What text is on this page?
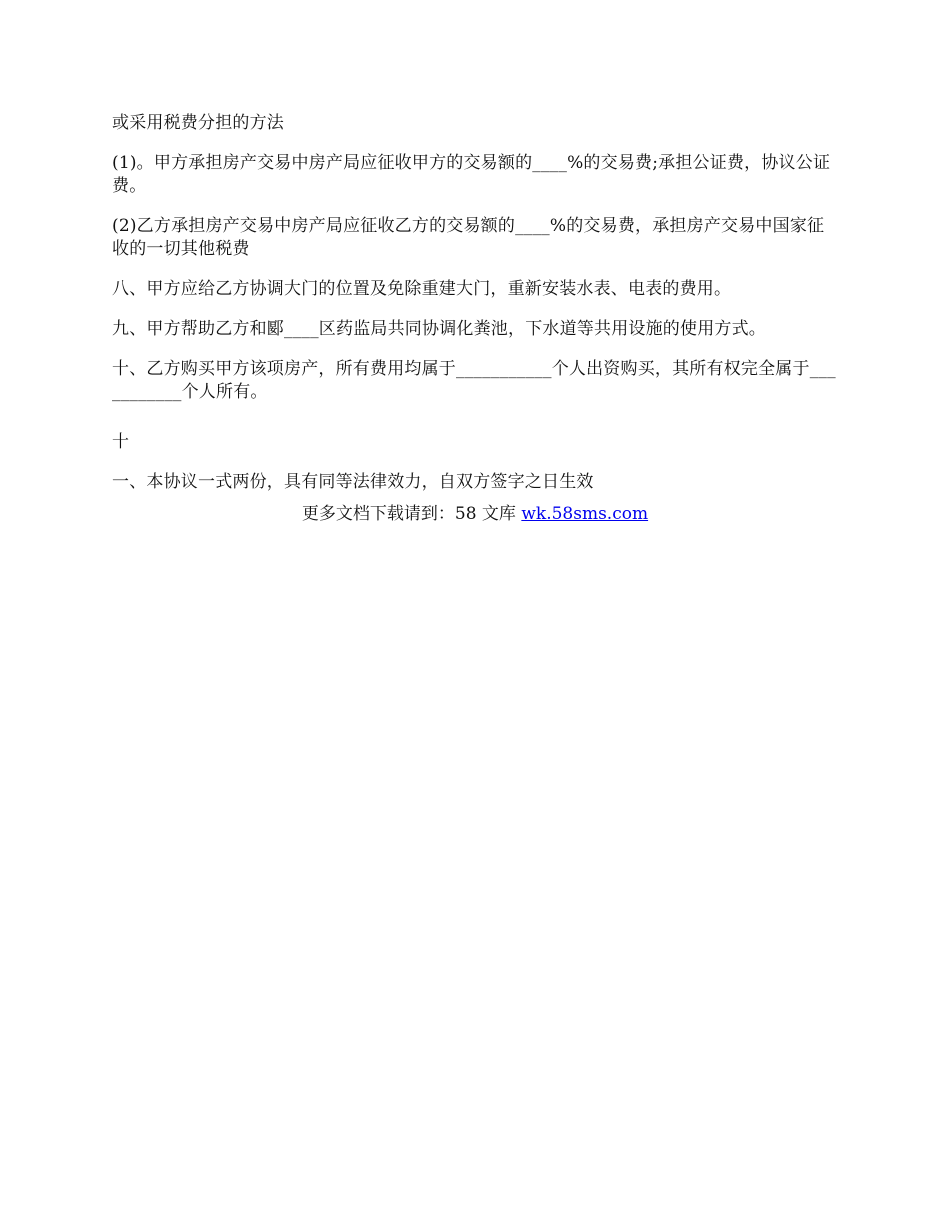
或采用税费分担的方法

(1)。甲方承担房产交易中房产局应征收甲方的交易额的____%的交易费;承担公证费，协议公证费。

(2)乙方承担房产交易中房产局应征收乙方的交易额的____%的交易费，承担房产交易中国家征收的一切其他税费

八、甲方应给乙方协调大门的位置及免除重建大门，重新安装水表、电表的费用。

九、甲方帮助乙方和郾____区药监局共同协调化粪池，下水道等共用设施的使用方式。

十、乙方购买甲方该项房产，所有费用均属于___________个人出资购买，其所有权完全属于___________个人所有。

十

一、本协议一式两份，具有同等法律效力，自双方签字之日生效

更多文档下载请到：58 文库 wk.58sms.com
